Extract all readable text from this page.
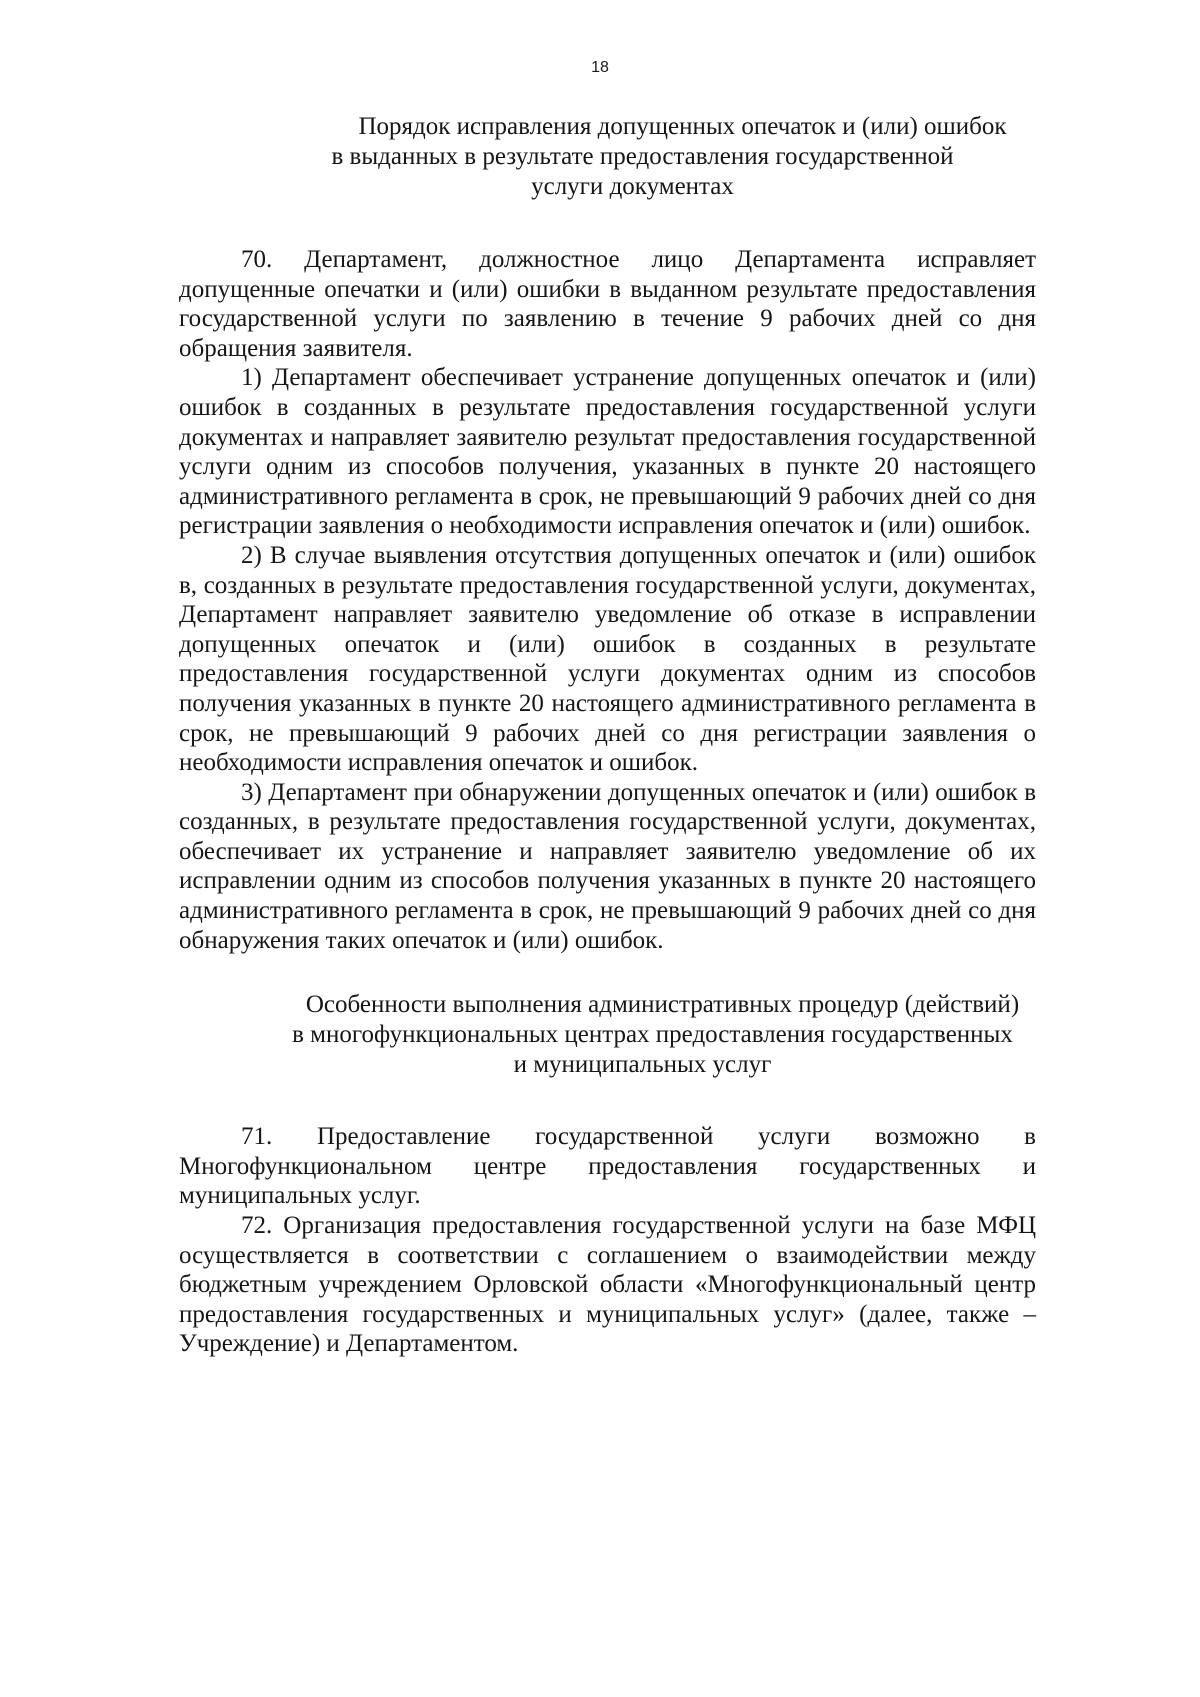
18
Порядок исправления допущенных опечаток и (или) ошибок
в выданных в результате предоставления государственной
услуги документах

70. Департамент, должностное лицо Департамента исправляет допущенные опечатки и (или) ошибки в выданном результате предоставления государственной услуги по заявлению в течение 9 рабочих дней со дня обращения заявителя.

1) Департамент обеспечивает устранение допущенных опечаток и (или) ошибок в созданных в результате предоставления государственной услуги документах и направляет заявителю результат предоставления государственной услуги одним из способов получения, указанных в пункте 20 настоящего административного регламента в срок, не превышающий 9 рабочих дней со дня регистрации заявления о необходимости исправления опечаток и (или) ошибок.

2) В случае выявления отсутствия допущенных опечаток и (или) ошибок в, созданных в результате предоставления государственной услуги, документах, Департамент направляет заявителю уведомление об отказе в исправлении допущенных опечаток и (или) ошибок в созданных в результате предоставления государственной услуги документах одним из способов получения указанных в пункте 20 настоящего административного регламента в срок, не превышающий 9 рабочих дней со дня регистрации заявления о необходимости исправления опечаток и ошибок.

3) Департамент при обнаружении допущенных опечаток и (или) ошибок в созданных, в результате предоставления государственной услуги, документах, обеспечивает их устранение и направляет заявителю уведомление об их исправлении одним из способов получения указанных в пункте 20 настоящего административного регламента в срок, не превышающий 9 рабочих дней со дня обнаружения таких опечаток и (или) ошибок.

Особенности выполнения административных процедур (действий)
в многофункциональных центрах предоставления государственных
и муниципальных услуг

71. Предоставление государственной услуги возможно в Многофункциональном центре предоставления государственных и муниципальных услуг.

72. Организация предоставления государственной услуги на базе МФЦ осуществляется в соответствии с соглашением о взаимодействии между бюджетным учреждением Орловской области «Многофункциональный центр предоставления государственных и муниципальных услуг» (далее, также – Учреждение) и Департаментом.
